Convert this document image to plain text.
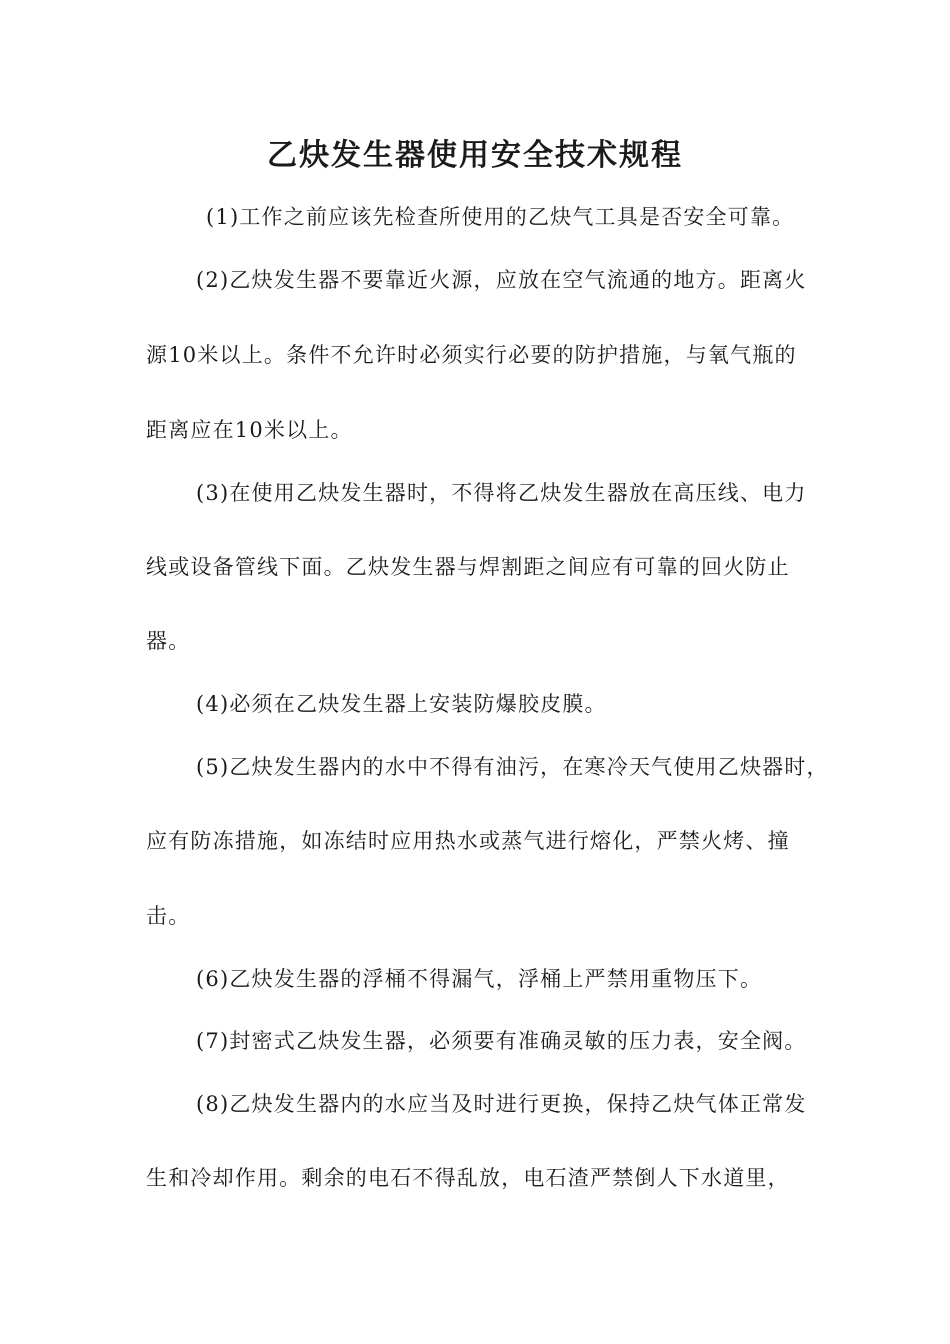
乙炔发生器使用安全技术规程
(1)工作之前应该先检查所使用的乙炔气工具是否安全可靠。
(2)乙炔发生器不要靠近火源，应放在空气流通的地方。距离火
源10米以上。条件不允许时必须实行必要的防护措施，与氧气瓶的
距离应在10米以上。
(3)在使用乙炔发生器时，不得将乙炔发生器放在高压线、电力
线或设备管线下面。乙炔发生器与焊割距之间应有可靠的回火防止
器。
(4)必须在乙炔发生器上安装防爆胶皮膜。
(5)乙炔发生器内的水中不得有油污，在寒冷天气使用乙炔器时，
应有防冻措施，如冻结时应用热水或蒸气进行熔化，严禁火烤、撞
击。
(6)乙炔发生器的浮桶不得漏气，浮桶上严禁用重物压下。
(7)封密式乙炔发生器，必须要有准确灵敏的压力表，安全阀。
(8)乙炔发生器内的水应当及时进行更换，保持乙炔气体正常发
生和冷却作用。剩余的电石不得乱放，电石渣严禁倒人下水道里，
